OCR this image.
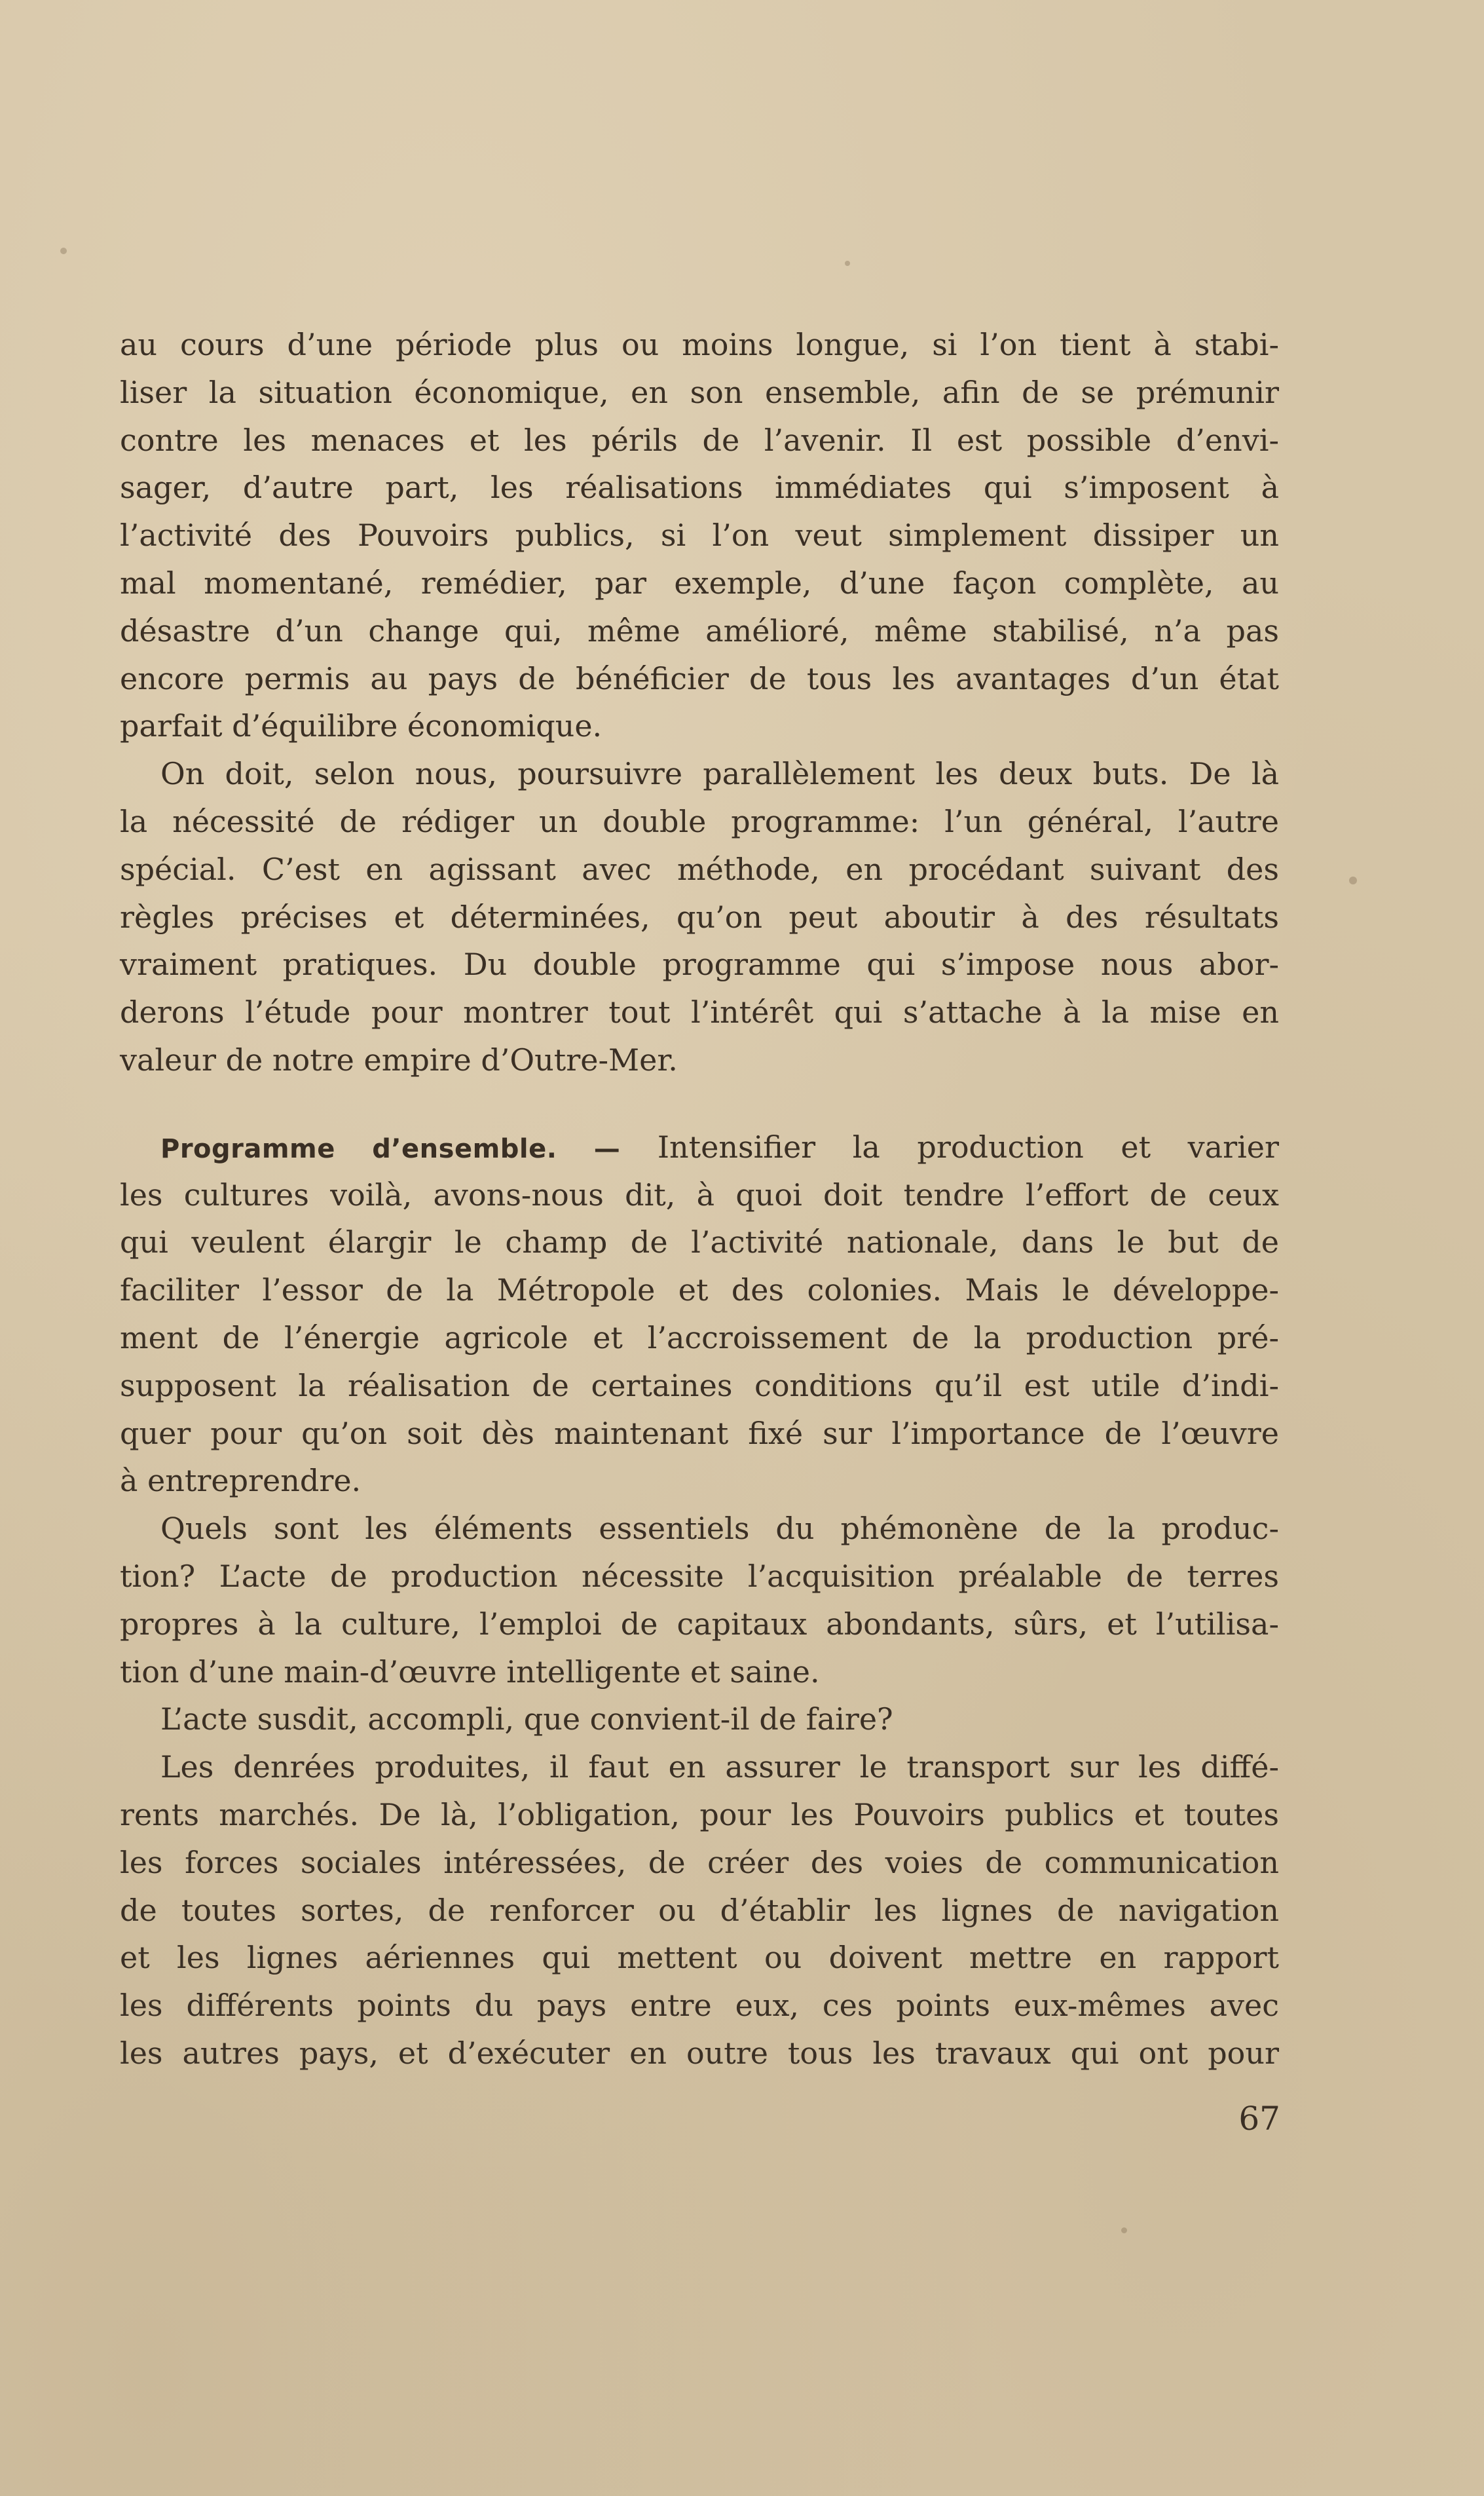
au cours d’une période plus ou moins longue, si l’on tient à stabi-
liser la situation économique, en son ensemble, afin de se prémunir
contre les menaces et les périls de l’avenir. Il est possible d’envi-
sager, d’autre part, les réalisations immédiates qui s’imposent à
l’activité des Pouvoirs publics, si l’on veut simplement dissiper un
mal momentané, remédier, par exemple, d’une façon complète, au
désastre d’un change qui, même amélioré, même stabilisé, n’a pas
encore permis au pays de bénéficier de tous les avantages d’un état
parfait d’équilibre économique.
On doit, selon nous, poursuivre parallèlement les deux buts. De là
la nécessité de rédiger un double programme: l’un général, l’autre
spécial. C’est en agissant avec méthode, en procédant suivant des
règles précises et déterminées, qu’on peut aboutir à des résultats
vraiment pratiques. Du double programme qui s’impose nous abor-
derons l’étude pour montrer tout l’intérêt qui s’attache à la mise en
valeur de notre empire d’Outre-Mer.
Programme d’ensemble. — Intensifier la production et varier
les cultures voilà, avons-nous dit, à quoi doit tendre l’effort de ceux
qui veulent élargir le champ de l’activité nationale, dans le but de
faciliter l’essor de la Métropole et des colonies. Mais le développe-
ment de l’énergie agricole et l’accroissement de la production pré-
supposent la réalisation de certaines conditions qu’il est utile d’indi-
quer pour qu’on soit dès maintenant fixé sur l’importance de l’œuvre
à entreprendre.
Quels sont les éléments essentiels du phémonène de la produc-
tion? L’acte de production nécessite l’acquisition préalable de terres
propres à la culture, l’emploi de capitaux abondants, sûrs, et l’utilisa-
tion d’une main-d’œuvre intelligente et saine.
L’acte susdit, accompli, que convient-il de faire?
Les denrées produites, il faut en assurer le transport sur les diffé-
rents marchés. De là, l’obligation, pour les Pouvoirs publics et toutes
les forces sociales intéressées, de créer des voies de communication
de toutes sortes, de renforcer ou d’établir les lignes de navigation
et les lignes aériennes qui mettent ou doivent mettre en rapport
les différents points du pays entre eux, ces points eux-mêmes avec
les autres pays, et d’exécuter en outre tous les travaux qui ont pour
67
